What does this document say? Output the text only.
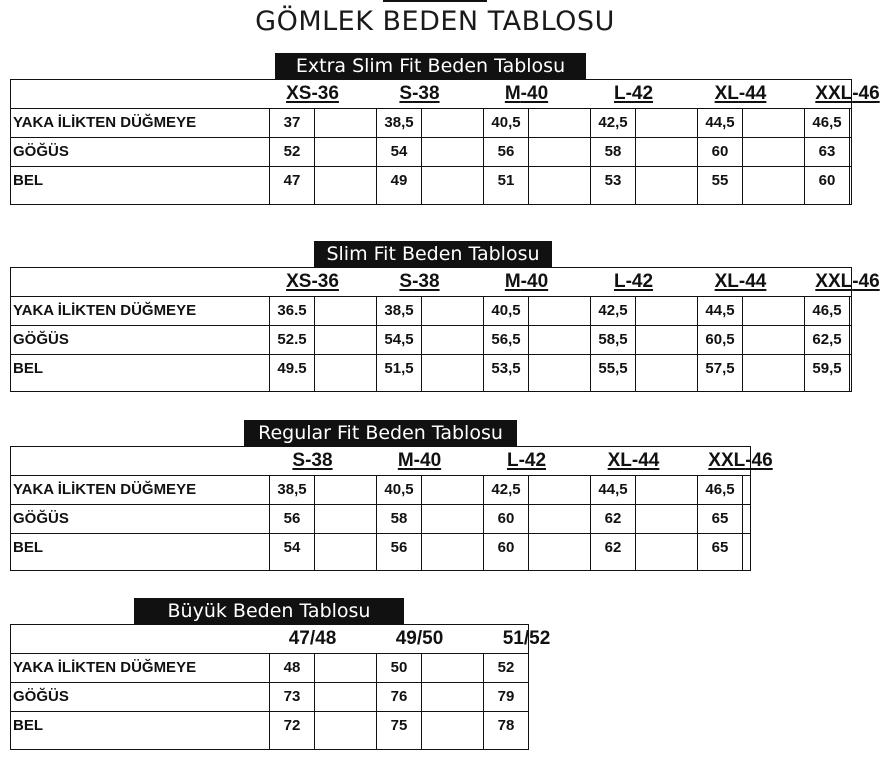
GÖMLEK BEDEN TABLOSU
Extra Slim Fit Beden Tablosu
XS-36	S-38	M-40	L-42	XL-44	XXL-46
YAKA İLİKTEN DÜĞMEYE	37	38,5	40,5	42,5	44,5	46,5
GÖĞÜS	52	54	56	58	60	63
BEL	47	49	51	53	55	60
Slim Fit Beden Tablosu
XS-36	S-38	M-40	L-42	XL-44	XXL-46
YAKA İLİKTEN DÜĞMEYE	36.5	38,5	40,5	42,5	44,5	46,5
GÖĞÜS	52.5	54,5	56,5	58,5	60,5	62,5
BEL	49.5	51,5	53,5	55,5	57,5	59,5
Regular Fit Beden Tablosu
S-38	M-40	L-42	XL-44	XXL-46
YAKA İLİKTEN DÜĞMEYE	38,5	40,5	42,5	44,5	46,5
GÖĞÜS	56	58	60	62	65
BEL	54	56	60	62	65
Büyük Beden Tablosu
47/48	49/50	51/52
YAKA İLİKTEN DÜĞMEYE	48	50	52
GÖĞÜS	73	76	79
BEL	72	75	78
